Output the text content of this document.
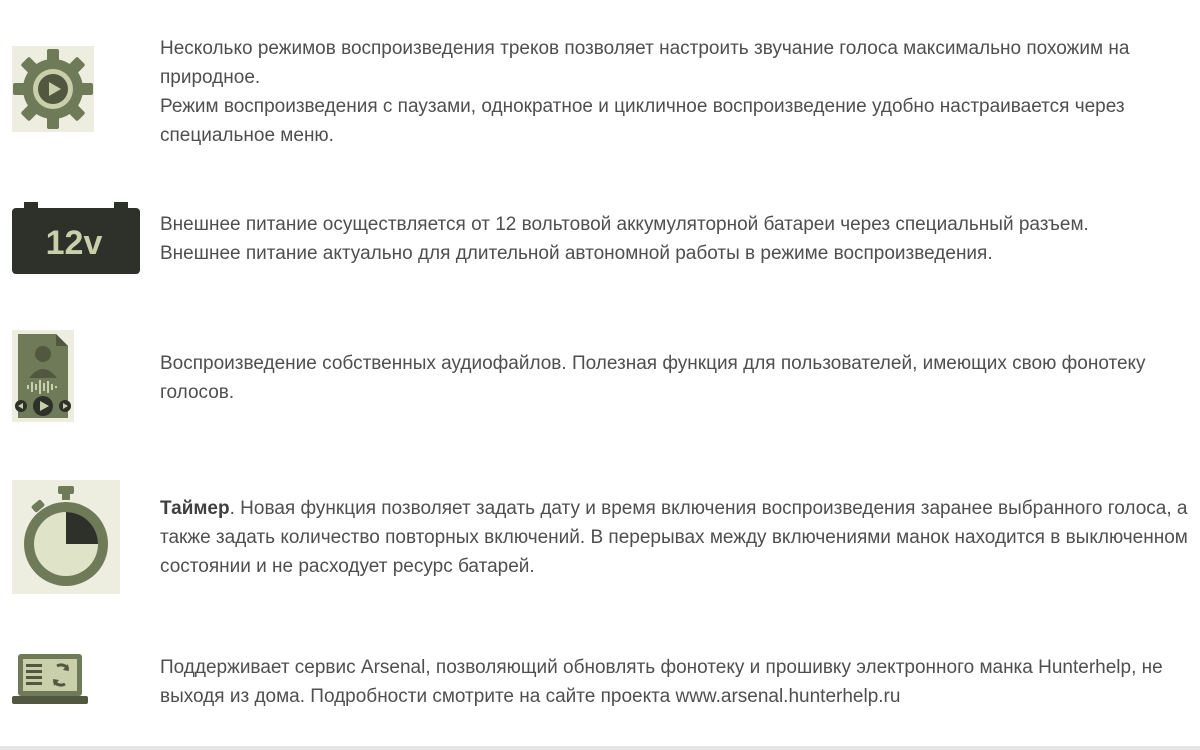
Несколько режимов воспроизведения треков позволяет настроить звучание голоса максимально похожим на природное.

Режим воспроизведения с паузами, однократное и цикличное воспроизведение удобно настраивается через специальное меню.

12v	Внешнее питание осуществляется от 12 вольтовой аккумуляторной батареи через специальный разъем.

Внешнее питание актуально для длительной автономной работы в режиме воспроизведения.

Воспроизведение собственных аудиофайлов. Полезная функция для пользователей, имеющих свою фонотеку голосов.

Таймер. Новая функция позволяет задать дату и время включения воспроизведения заранее выбранного голоса, а также задать количество повторных включений. В перерывах между включениями манок находится в выключенном состоянии и не расходует ресурс батарей.

Поддерживает сервис Arsenal, позволяющий обновлять фонотеку и прошивку электронного манка Hunterhelp, не выходя из дома. Подробности смотрите на сайте проекта www.arsenal.hunterhelp.ru
